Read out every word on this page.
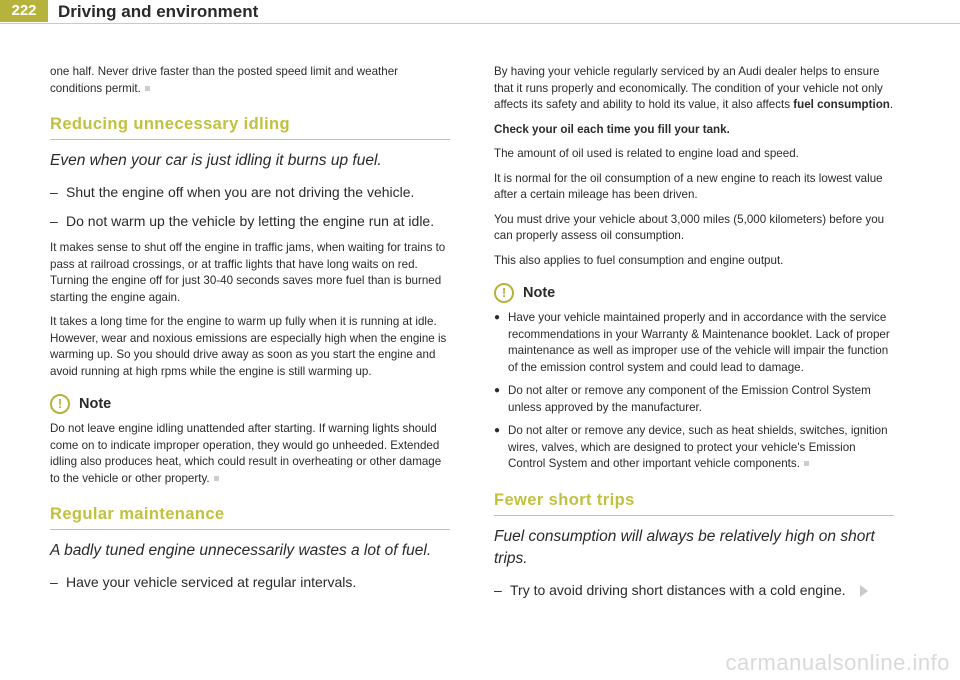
222	Driving and environment

one half. Never drive faster than the posted speed limit and weather conditions permit.

Reducing unnecessary idling
Even when your car is just idling it burns up fuel.
– Shut the engine off when you are not driving the vehicle.
– Do not warm up the vehicle by letting the engine run at idle.

It makes sense to shut off the engine in traffic jams, when waiting for trains to pass at railroad crossings, or at traffic lights that have long waits on red. Turning the engine off for just 30-40 seconds saves more fuel than is burned starting the engine again.

It takes a long time for the engine to warm up fully when it is running at idle. However, wear and noxious emissions are especially high when the engine is warming up. So you should drive away as soon as you start the engine and avoid running at high rpms while the engine is still warming up.

!	Note

Do not leave engine idling unattended after starting. If warning lights should come on to indicate improper operation, they would go unheeded. Extended idling also produces heat, which could result in overheating or other damage to the vehicle or other property.

Regular maintenance
A badly tuned engine unnecessarily wastes a lot of fuel.
– Have your vehicle serviced at regular intervals.

By having your vehicle regularly serviced by an Audi dealer helps to ensure that it runs properly and economically. The condition of your vehicle not only affects its safety and ability to hold its value, it also affects fuel consumption.

Check your oil each time you fill your tank.

The amount of oil used is related to engine load and speed.

It is normal for the oil consumption of a new engine to reach its lowest value after a certain mileage has been driven.

You must drive your vehicle about 3,000 miles (5,000 kilometers) before you can properly assess oil consumption.

This also applies to fuel consumption and engine output.

!	Note
● Have your vehicle maintained properly and in accordance with the service recommendations in your Warranty & Maintenance booklet. Lack of proper maintenance as well as improper use of the vehicle will impair the function of the emission control system and could lead to damage.
● Do not alter or remove any component of the Emission Control System unless approved by the manufacturer.
● Do not alter or remove any device, such as heat shields, switches, ignition wires, valves, which are designed to protect your vehicle's Emission Control System and other important vehicle components.
Fewer short trips
Fuel consumption will always be relatively high on short trips.
– Try to avoid driving short distances with a cold engine.
carmanualsonline.info
